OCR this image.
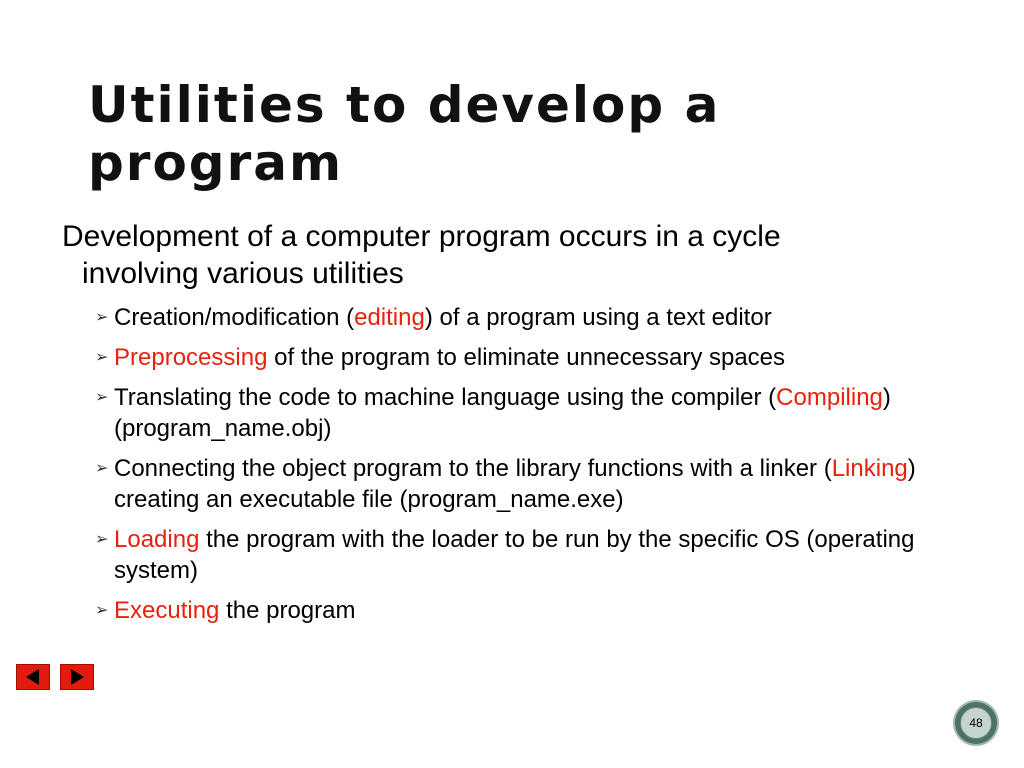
Utilities to develop a program

Development of a computer program occurs in a cycle
involving various utilities

➢ Creation/modification (editing) of a program using a text editor
➢ Preprocessing of the program to eliminate unnecessary spaces
➢ Translating the code to machine language using the compiler (Compiling)(program_name.obj)
➢ Connecting the object program to the library functions with a linker (Linking) creating an executable file (program_name.exe)
➢ Loading the program with the loader to be run by the specific OS (operating system)
➢ Executing the program
48
